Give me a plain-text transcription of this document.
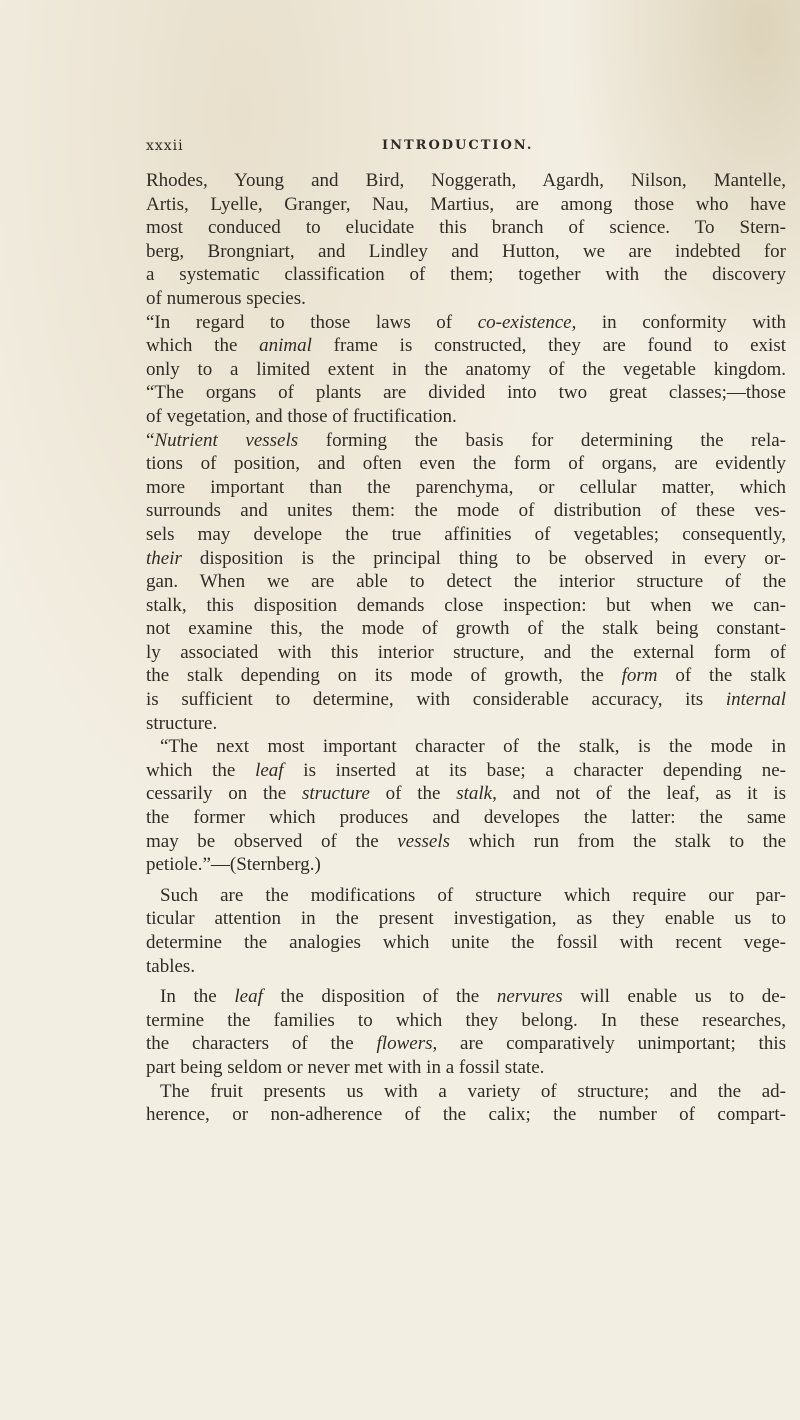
xxxii	INTRODUCTION.
Rhodes, Young and Bird, Noggerath, Agardh, Nilson, Mantelle,
Artis, Lyelle, Granger, Nau, Martius, are among those who have
most conduced to elucidate this branch of science. To Stern-
berg, Brongniart, and Lindley and Hutton, we are indebted for
a systematic classification of them; together with the discovery
of numerous species.
“In regard to those laws of co-existence, in conformity with
which the animal frame is constructed, they are found to exist
only to a limited extent in the anatomy of the vegetable kingdom.
“The organs of plants are divided into two great classes;—those
of vegetation, and those of fructification.
“Nutrient vessels forming the basis for determining the rela-
tions of position, and often even the form of organs, are evidently
more important than the parenchyma, or cellular matter, which
surrounds and unites them: the mode of distribution of these ves-
sels may develope the true affinities of vegetables; consequently,
their disposition is the principal thing to be observed in every or-
gan. When we are able to detect the interior structure of the
stalk, this disposition demands close inspection: but when we can-
not examine this, the mode of growth of the stalk being constant-
ly associated with this interior structure, and the external form of
the stalk depending on its mode of growth, the form of the stalk
is sufficient to determine, with considerable accuracy, its internal
structure.
“The next most important character of the stalk, is the mode in
which the leaf is inserted at its base; a character depending ne-
cessarily on the structure of the stalk, and not of the leaf, as it is
the former which produces and developes the latter: the same
may be observed of the vessels which run from the stalk to the
petiole.”—(Sternberg.)
Such are the modifications of structure which require our par-
ticular attention in the present investigation, as they enable us to
determine the analogies which unite the fossil with recent vege-
tables.
In the leaf the disposition of the nervures will enable us to de-
termine the families to which they belong. In these researches,
the characters of the flowers, are comparatively unimportant; this
part being seldom or never met with in a fossil state.
The fruit presents us with a variety of structure; and the ad-
herence, or non-adherence of the calix; the number of compart-
